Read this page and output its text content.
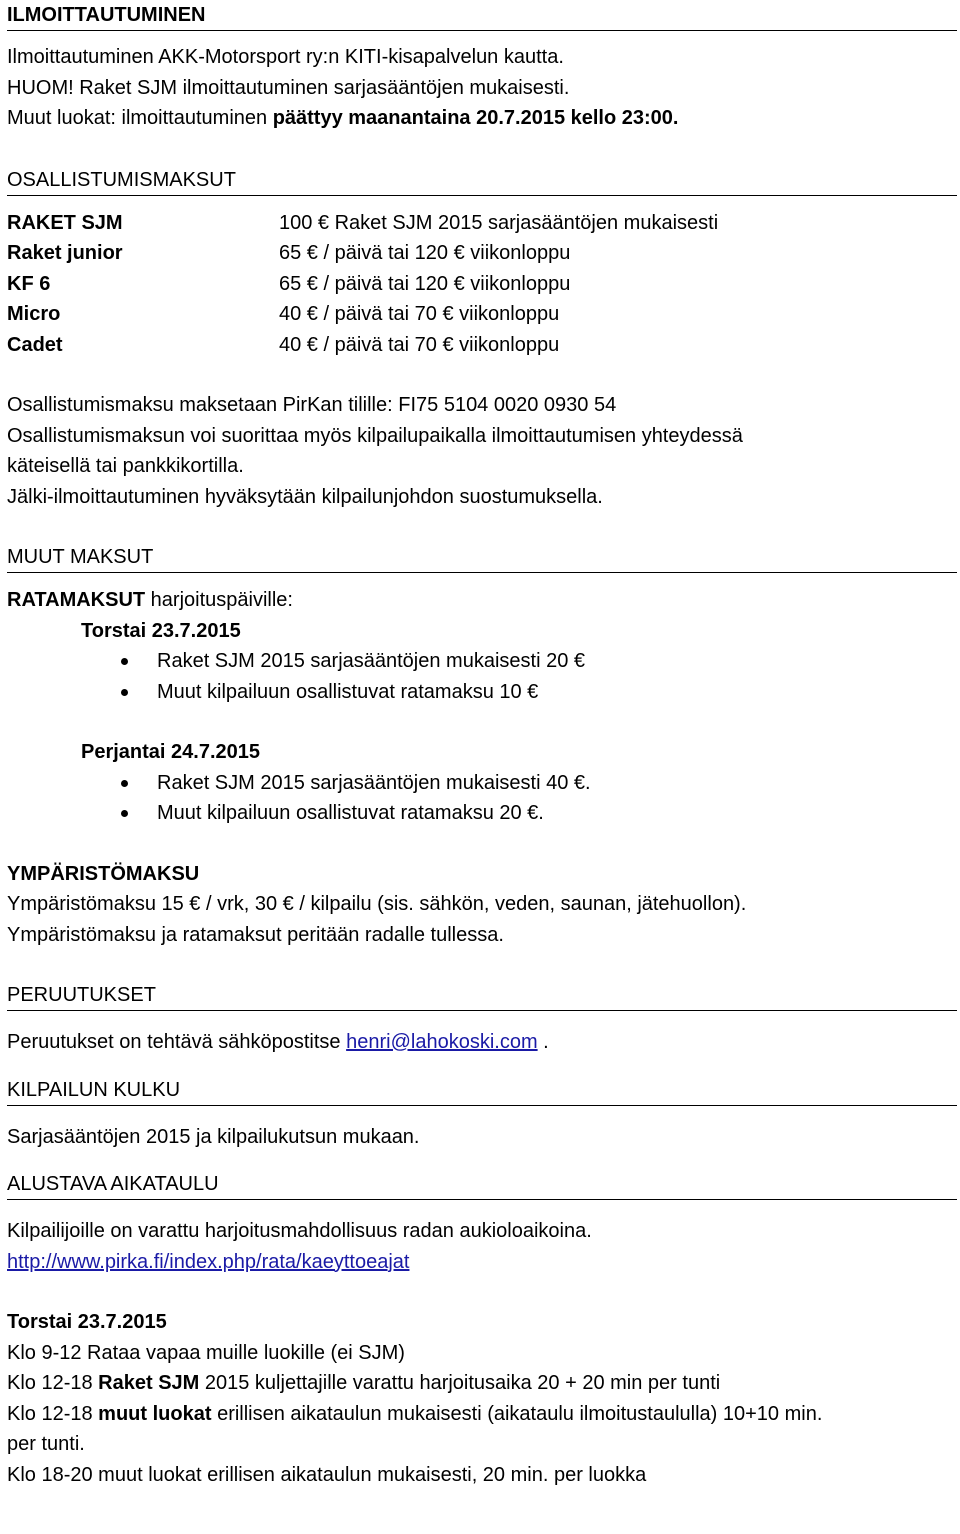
ILMOITTAUTUMINEN
Ilmoittautuminen AKK-Motorsport ry:n KITI-kisapalvelun kautta.
HUOM! Raket SJM ilmoittautuminen sarjasääntöjen mukaisesti.
Muut luokat: ilmoittautuminen päättyy maanantaina 20.7.2015 kello 23:00.
OSALLISTUMISMAKSUT
RAKET SJM	100 € Raket SJM 2015 sarjasääntöjen mukaisesti
Raket junior	65 € / päivä tai 120 € viikonloppu
KF 6	65 € / päivä tai 120 € viikonloppu
Micro	40 € / päivä tai 70 € viikonloppu
Cadet	40 € / päivä tai 70 € viikonloppu
Osallistumismaksu maksetaan PirKan tilille: FI75 5104 0020 0930 54
Osallistumismaksun voi suorittaa myös kilpailupaikalla ilmoittautumisen yhteydessä
käteisellä tai pankkikortilla.
Jälki-ilmoittautuminen hyväksytään kilpailunjohdon suostumuksella.
MUUT MAKSUT
RATAMAKSUT harjoituspäiville:
Torstai 23.7.2015
Raket SJM 2015 sarjasääntöjen mukaisesti 20 €
Muut kilpailuun osallistuvat ratamaksu 10 €
Perjantai 24.7.2015
Raket SJM 2015 sarjasääntöjen mukaisesti 40 €.
Muut kilpailuun osallistuvat ratamaksu 20 €.
YMPÄRISTÖMAKSU
Ympäristömaksu 15 € / vrk, 30 € / kilpailu (sis. sähkön, veden, saunan, jätehuollon).
Ympäristömaksu ja ratamaksut peritään radalle tullessa.
PERUUTUKSET
Peruutukset on tehtävä sähköpostitse henri@lahokoski.com .
KILPAILUN KULKU
Sarjasääntöjen 2015 ja kilpailukutsun mukaan.
ALUSTAVA AIKATAULU
Kilpailijoille on varattu harjoitusmahdollisuus radan aukioloaikoina.
http://www.pirka.fi/index.php/rata/kaeyttoeajat
Torstai 23.7.2015
Klo 9-12 Rataa vapaa muille luokille (ei SJM)
Klo 12-18 Raket SJM 2015 kuljettajille varattu harjoitusaika 20 + 20 min per tunti
Klo 12-18 muut luokat erillisen aikataulun mukaisesti (aikataulu ilmoitustaululla) 10+10 min.
per tunti.
Klo 18-20 muut luokat erillisen aikataulun mukaisesti, 20 min. per luokka
